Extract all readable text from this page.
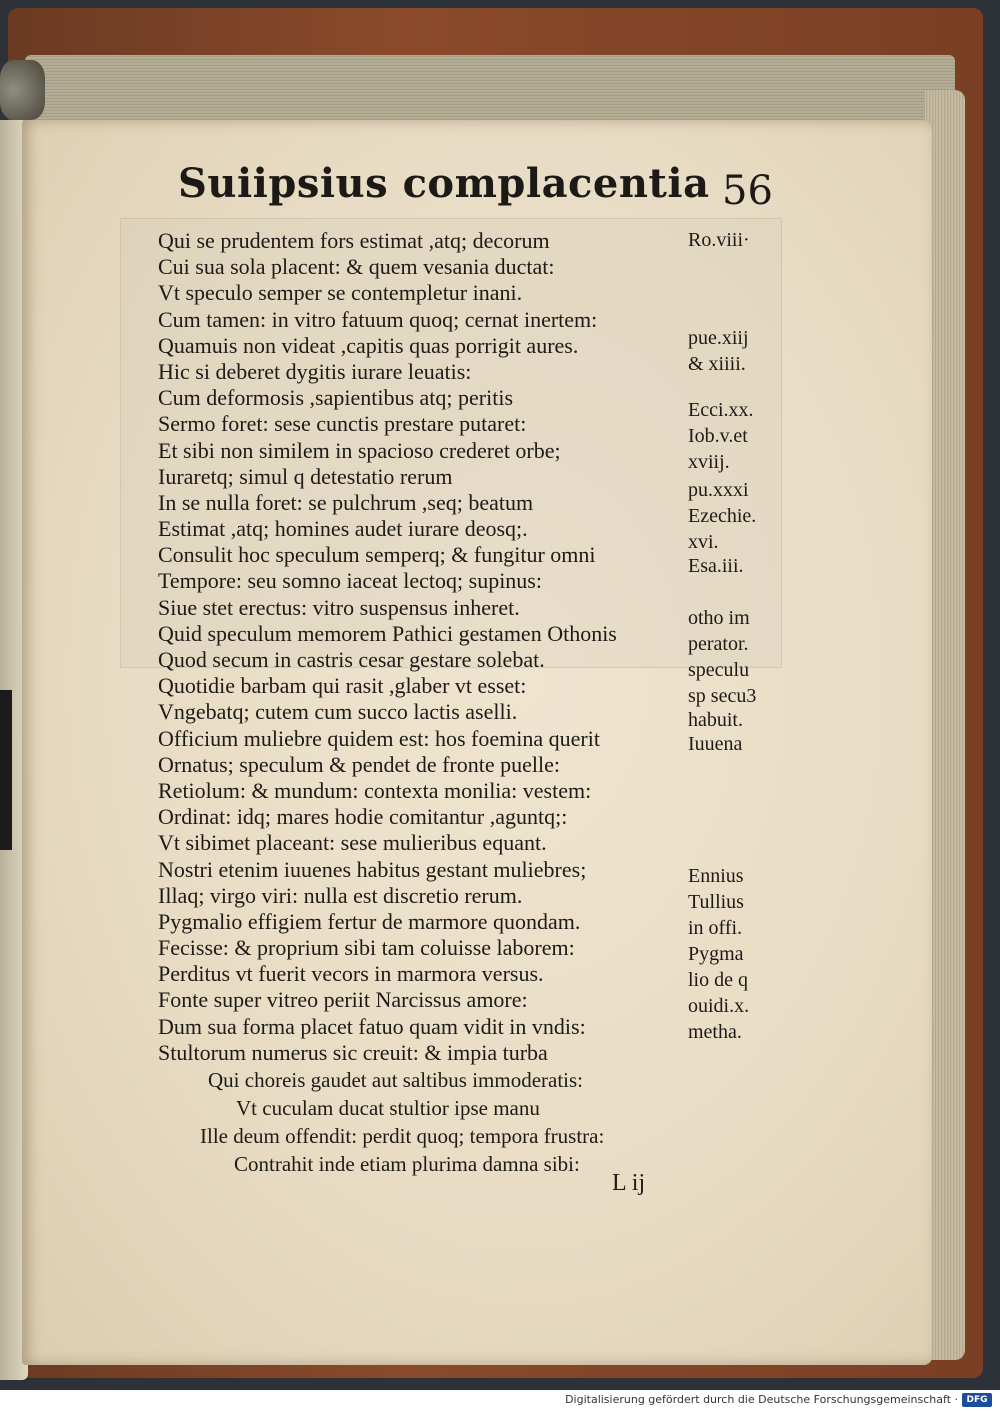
Suiipsius complacentia 56

Qui se prudentem fors estimat ,atq; decorum
Cui sua sola placent: & quem vesania ductat:
Vt speculo semper se contempletur inani.
Cum tamen: in vitro fatuum quoq; cernat inertem:
Quamuis non videat ,capitis quas porrigit aures.
Hic si deberet dygitis iurare leuatis:
Cum deformosis ,sapientibus atq; peritis
Sermo foret: sese cunctis prestare putaret:
Et sibi non similem in spacioso crederet orbe;
Iuraretq; simul q detestatio rerum
In se nulla foret: se pulchrum ,seq; beatum
Estimat ,atq; homines audet iurare deosq;.
Consulit hoc speculum semperq; & fungitur omni
Tempore: seu somno iaceat lectoq; supinus:
Siue stet erectus: vitro suspensus inheret.
Quid speculum memorem Pathici gestamen Othonis
Quod secum in castris cesar gestare solebat.
Quotidie barbam qui rasit ,glaber vt esset:
Vngebatq; cutem cum succo lactis aselli.
Officium muliebre quidem est: hos foemina querit
Ornatus; speculum & pendet de fronte puelle:
Retiolum: & mundum: contexta monilia: vestem:
Ordinat: idq; mares hodie comitantur ,aguntq;:
Vt sibimet placeant: sese mulieribus equant.
Nostri etenim iuuenes habitus gestant muliebres;
Illaq; virgo viri: nulla est discretio rerum.
Pygmalio effigiem fertur de marmore quondam.
Fecisse: & proprium sibi tam coluisse laborem:
Perditus vt fuerit vecors in marmora versus.
Fonte super vitreo periit Narcissus amore:
Dum sua forma placet fatuo quam vidit in vndis:
Stultorum numerus sic creuit: & impia turba
Ro.viii·
pue.xiij
& xiiii.
Ecci.xx.
Iob.v.et
xviij.
pu.xxxi
Ezechie.
xvi.
Esa.iii.
otho im
perator.
speculu
sp secu3
habuit.
Iuuena
Ennius
Tullius
in offi.
Pygma
lio de q
ouidi.x.
metha.
Qui choreis gaudet aut saltibus immoderatis:
Vt cuculam ducat stultior ipse manu
Ille deum offendit: perdit quoq; tempora frustra:
Contrahit inde etiam plurima damna sibi:
L ij
Digitalisierung gefördert durch die Deutsche Forschungsgemeinschaft · DFG
